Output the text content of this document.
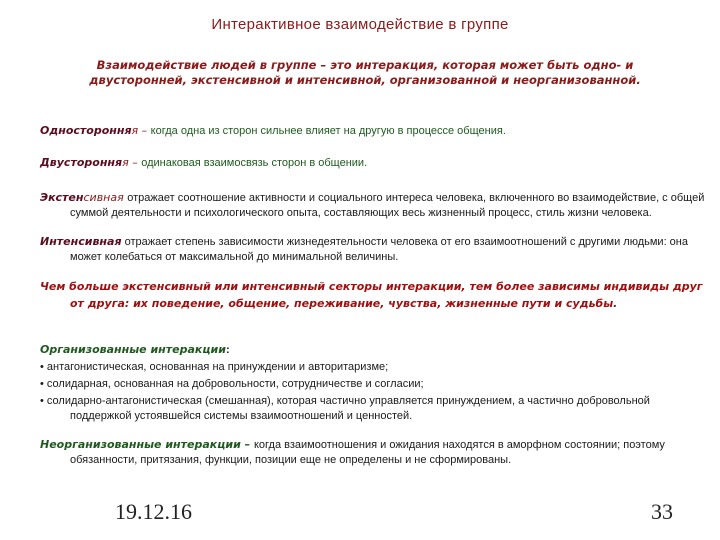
Интерактивное взаимодействие в группе
Взаимодействие людей в группе – это интеракция, которая может быть одно- и двусторонней, экстенсивной и интенсивной, организованной и неорганизованной.
Односторонняя – когда одна из сторон сильнее влияет на другую в процессе общения.
Двусторонняя – одинаковая взаимосвязь сторон в общении.
Экстенсивная отражает соотношение активности и социального интереса человека, включенного во взаимодействие, с общей суммой деятельности и психологического опыта, составляющих весь жизненный процесс, стиль жизни человека.
Интенсивная отражает степень зависимости жизнедеятельности человека от его взаимоотношений с другими людьми: она может колебаться от максимальной до минимальной величины.
Чем больше экстенсивный или интенсивный секторы интеракции, тем более зависимы индивиды друг от друга: их поведение, общение, переживание, чувства, жизненные пути и судьбы.
Организованные интеракции:
• антагонистическая, основанная на принуждении и авторитаризме;
• солидарная, основанная на добровольности, сотрудничестве и согласии;
• солидарно-антагонистическая (смешанная), которая частично управляется принуждением, а частично добровольной поддержкой устоявшейся системы взаимоотношений и ценностей.
Неорганизованные интеракции – когда взаимоотношения и ожидания находятся в аморфном состоянии; поэтому обязанности, притязания, функции, позиции еще не определены и не сформированы.
19.12.16	33
